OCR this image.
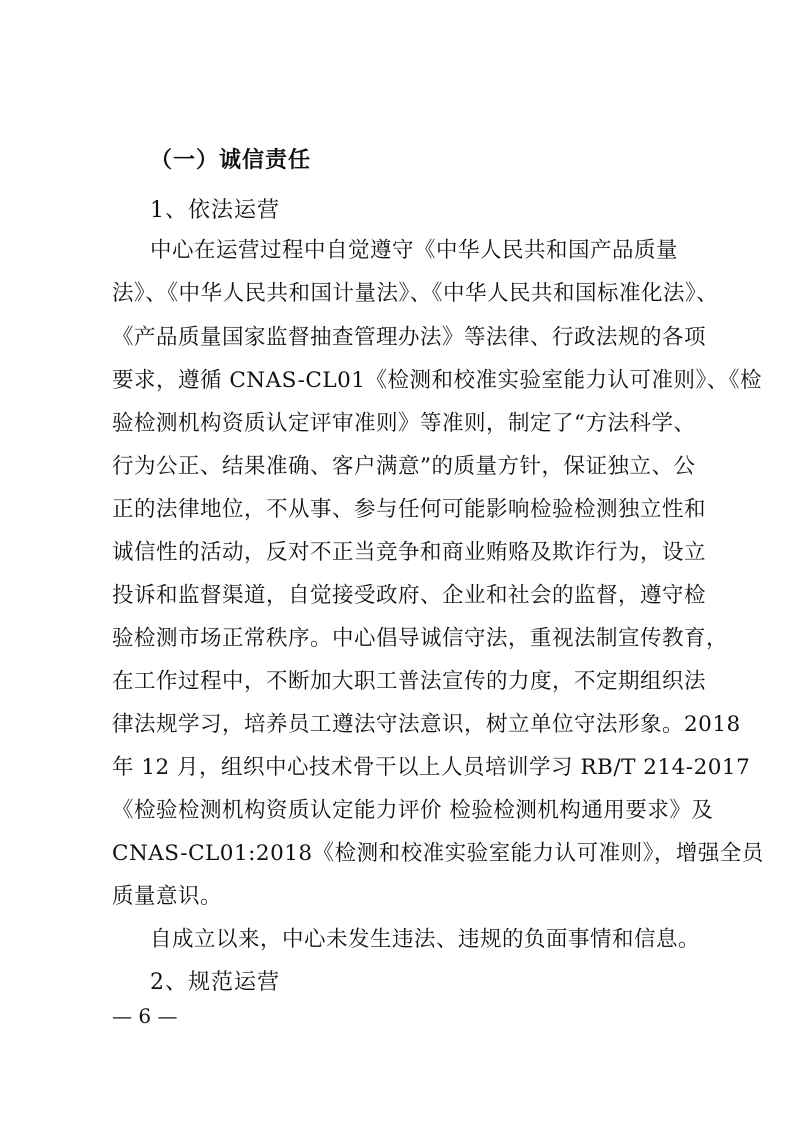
（一）诚信责任

1、依法运营

中心在运营过程中自觉遵守《中华人民共和国产品质量

法》、《中华人民共和国计量法》、《中华人民共和国标准化法》、

《产品质量国家监督抽查管理办法》等法律、行政法规的各项

要求，遵循 CNAS-CL01《检测和校准实验室能力认可准则》、《检

验检测机构资质认定评审准则》等准则，制定了“方法科学、

行为公正、结果准确、客户满意”的质量方针，保证独立、公

正的法律地位，不从事、参与任何可能影响检验检测独立性和

诚信性的活动，反对不正当竞争和商业贿赂及欺诈行为，设立

投诉和监督渠道，自觉接受政府、企业和社会的监督，遵守检

验检测市场正常秩序。中心倡导诚信守法，重视法制宣传教育，

在工作过程中，不断加大职工普法宣传的力度，不定期组织法

律法规学习，培养员工遵法守法意识，树立单位守法形象。2018

年 12 月，组织中心技术骨干以上人员培训学习 RB/T 214-2017

《检验检测机构资质认定能力评价 检验检测机构通用要求》及

CNAS-CL01:2018《检测和校准实验室能力认可准则》，增强全员

质量意识。

自成立以来，中心未发生违法、违规的负面事情和信息。

2、规范运营

— 6 —
